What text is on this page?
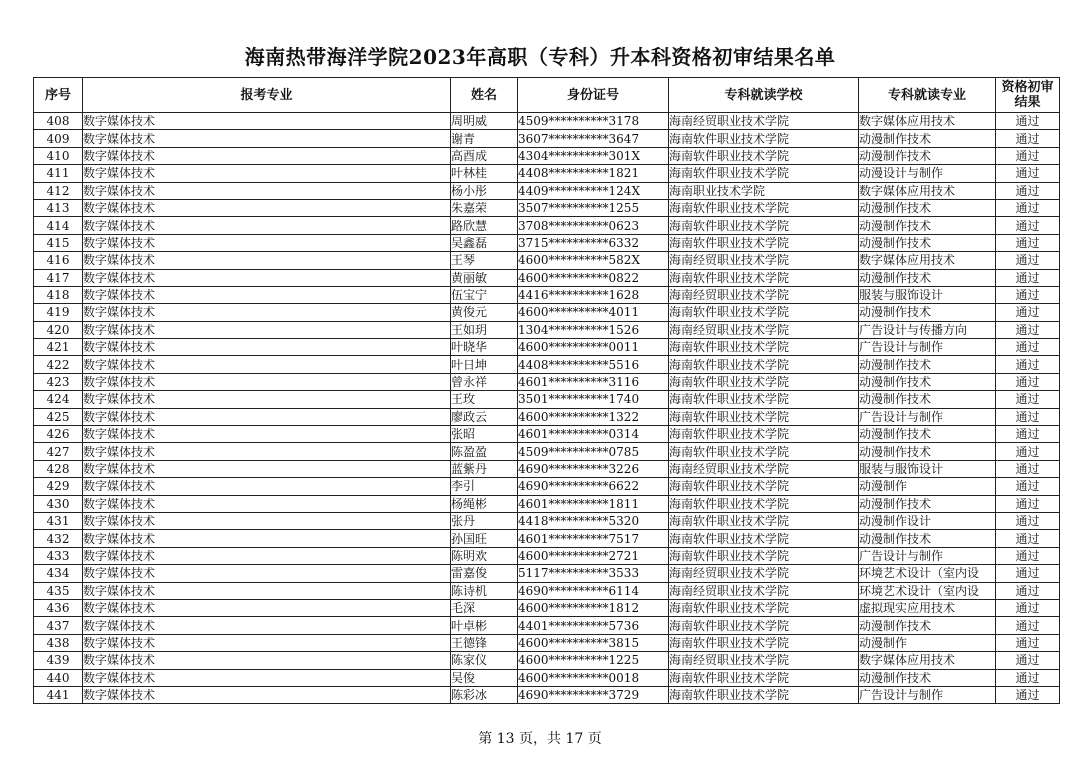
海南热带海洋学院2023年高职（专科）升本科资格初审结果名单
序号	报考专业	姓名	身份证号	专科就读学校	专科就读专业	资格初审结果
408	数字媒体技术	周明威	4509**********3178	海南经贸职业技术学院	数字媒体应用技术	通过
409	数字媒体技术	谢青	3607**********3647	海南软件职业技术学院	动漫制作技术	通过
410	数字媒体技术	高酉成	4304**********301X	海南软件职业技术学院	动漫制作技术	通过
411	数字媒体技术	叶林桂	4408**********1821	海南软件职业技术学院	动漫设计与制作	通过
412	数字媒体技术	杨小彤	4409**********124X	海南职业技术学院	数字媒体应用技术	通过
413	数字媒体技术	朱嘉荣	3507**********1255	海南软件职业技术学院	动漫制作技术	通过
414	数字媒体技术	路欣慧	3708**********0623	海南软件职业技术学院	动漫制作技术	通过
415	数字媒体技术	吴鑫磊	3715**********6332	海南软件职业技术学院	动漫制作技术	通过
416	数字媒体技术	王琴	4600**********582X	海南经贸职业技术学院	数字媒体应用技术	通过
417	数字媒体技术	黄丽敏	4600**********0822	海南软件职业技术学院	动漫制作技术	通过
418	数字媒体技术	伍宝宁	4416**********1628	海南经贸职业技术学院	服装与服饰设计	通过
419	数字媒体技术	黄俊元	4600**********4011	海南软件职业技术学院	动漫制作技术	通过
420	数字媒体技术	王如玥	1304**********1526	海南经贸职业技术学院	广告设计与传播方向	通过
421	数字媒体技术	叶晓华	4600**********0011	海南软件职业技术学院	广告设计与制作	通过
422	数字媒体技术	叶日坤	4408**********5516	海南软件职业技术学院	动漫制作技术	通过
423	数字媒体技术	曾永祥	4601**********3116	海南软件职业技术学院	动漫制作技术	通过
424	数字媒体技术	王玫	3501**********1740	海南软件职业技术学院	动漫制作技术	通过
425	数字媒体技术	廖政云	4600**********1322	海南软件职业技术学院	广告设计与制作	通过
426	数字媒体技术	张昭	4601**********0314	海南软件职业技术学院	动漫制作技术	通过
427	数字媒体技术	陈盈盈	4509**********0785	海南软件职业技术学院	动漫制作技术	通过
428	数字媒体技术	蓝紫丹	4690**********3226	海南经贸职业技术学院	服装与服饰设计	通过
429	数字媒体技术	李引	4690**********6622	海南软件职业技术学院	动漫制作	通过
430	数字媒体技术	杨绳彬	4601**********1811	海南软件职业技术学院	动漫制作技术	通过
431	数字媒体技术	张丹	4418**********5320	海南软件职业技术学院	动漫制作设计	通过
432	数字媒体技术	孙国旺	4601**********7517	海南软件职业技术学院	动漫制作技术	通过
433	数字媒体技术	陈明欢	4600**********2721	海南软件职业技术学院	广告设计与制作	通过
434	数字媒体技术	雷嘉俊	5117**********3533	海南经贸职业技术学院	环境艺术设计（室内设	通过
435	数字媒体技术	陈诗机	4690**********6114	海南经贸职业技术学院	环境艺术设计（室内设	通过
436	数字媒体技术	毛深	4600**********1812	海南软件职业技术学院	虚拟现实应用技术	通过
437	数字媒体技术	叶卓彬	4401**********5736	海南软件职业技术学院	动漫制作技术	通过
438	数字媒体技术	王德锋	4600**********3815	海南软件职业技术学院	动漫制作	通过
439	数字媒体技术	陈家仪	4600**********1225	海南经贸职业技术学院	数字媒体应用技术	通过
440	数字媒体技术	吴俊	4600**********0018	海南软件职业技术学院	动漫制作技术	通过
441	数字媒体技术	陈彩冰	4690**********3729	海南软件职业技术学院	广告设计与制作	通过
第 13 页，共 17 页
